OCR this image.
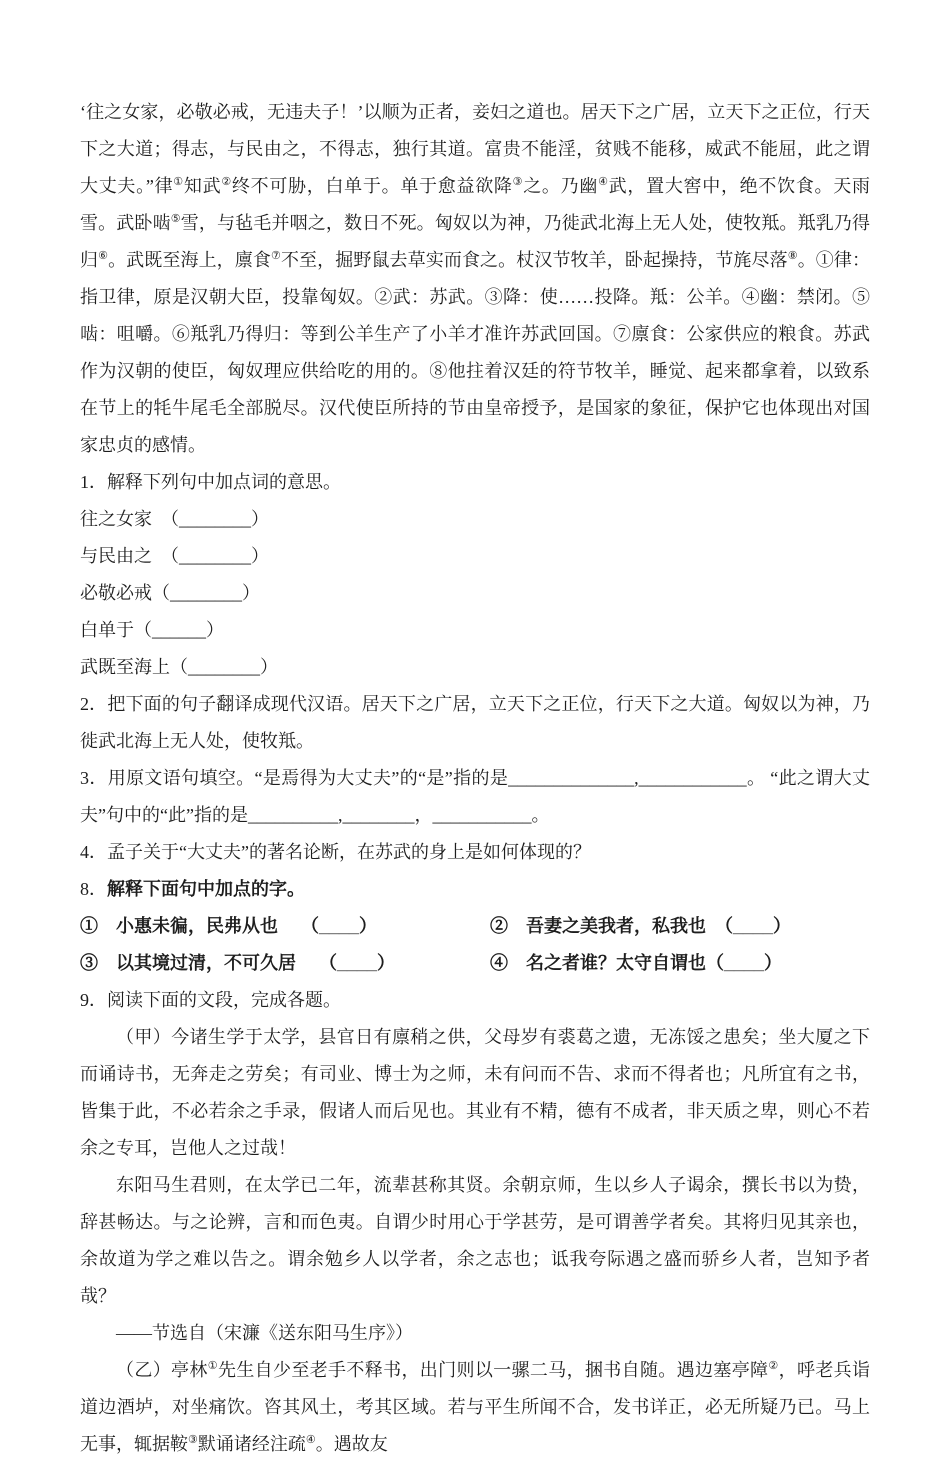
‘往之女家，必敬必戒，无违夫子！’以顺为正者，妾妇之道也。居天下之广居，立天下之正位，行天下之大道；得志，与民由之，不得志，独行其道。富贵不能淫，贫贱不能移，威武不能屈，此之谓大丈夫。”律①知武②终不可胁，白单于。单于愈益欲降③之。乃幽④武，置大窖中，绝不饮食。天雨雪。武卧啮⑤雪，与毡毛并咽之，数日不死。匈奴以为神，乃徙武北海上无人处，使牧羝。羝乳乃得归⑥。武既至海上，廪食⑦不至，掘野鼠去草实而食之。杖汉节牧羊，卧起操持，节旄尽落⑧。①律：指卫律，原是汉朝大臣，投靠匈奴。②武：苏武。③降：使……投降。羝：公羊。④幽：禁闭。⑤啮：咀嚼。⑥羝乳乃得归：等到公羊生产了小羊才准许苏武回国。⑦廪食：公家供应的粮食。苏武作为汉朝的使臣，匈奴理应供给吃的用的。⑧他拄着汉廷的符节牧羊，睡觉、起来都拿着，以致系在节上的牦牛尾毛全部脱尽。汉代使臣所持的节由皇帝授予，是国家的象征，保护它也体现出对国家忠贞的感情。

1．解释下列句中加点词的意思。

往之女家　（________）

与民由之　（________）

必敬必戒（________）

白单于（______）

武既至海上（________）

2．把下面的句子翻译成现代汉语。居天下之广居，立天下之正位，行天下之大道。匈奴以为神，乃徙武北海上无人处，使牧羝。

3．用原文语句填空。“是焉得为大丈夫”的“是”指的是______________,____________。 “此之谓大丈夫”句中的“此”指的是__________,________，___________。

4．孟子关于“大丈夫”的著名论断，在苏武的身上是如何体现的？

8．解释下面句中加点的字。

①　小惠未徧，民弗从也　 （____）	②　吾妻之美我者，私我也　（____）
③　以其境过清，不可久居　 （____）	④　名之者谁？太守自谓也（____）

9．阅读下面的文段，完成各题。

（甲）今诸生学于太学，县官日有廪稍之供，父母岁有裘葛之遗，无冻馁之患矣；坐大厦之下而诵诗书，无奔走之劳矣；有司业、博士为之师，未有问而不告、求而不得者也；凡所宜有之书，皆集于此，不必若余之手录，假诸人而后见也。其业有不精，德有不成者，非天质之卑，则心不若余之专耳，岂他人之过哉！

东阳马生君则，在太学已二年，流辈甚称其贤。余朝京师，生以乡人子谒余，撰长书以为贽，辞甚畅达。与之论辨，言和而色夷。自谓少时用心于学甚劳，是可谓善学者矣。其将归见其亲也，余故道为学之难以告之。谓余勉乡人以学者，余之志也；诋我夸际遇之盛而骄乡人者，岂知予者哉？

——节选自（宋濂《送东阳马生序》）

（乙）亭林①先生自少至老手不释书，出门则以一骡二马，捆书自随。遇边塞亭障②，呼老兵诣道边酒垆，对坐痛饮。咨其风土，考其区域。若与平生所闻不合，发书详正，必无所疑乃已。马上无事，辄据鞍③默诵诸经注疏④。遇故友
